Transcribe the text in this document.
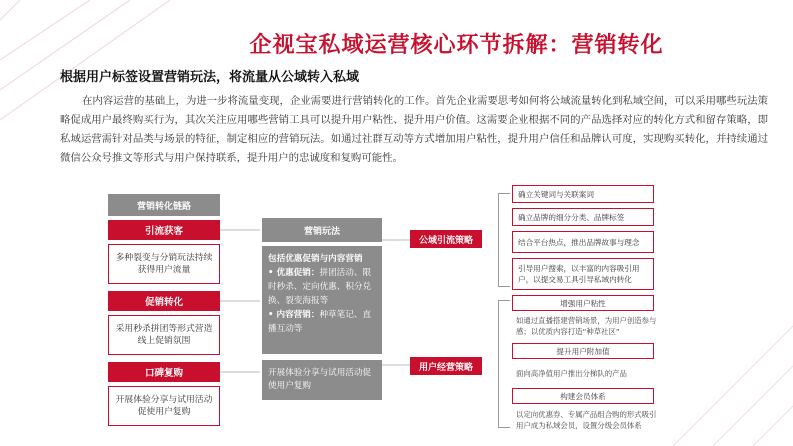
企视宝私域运营核心环节拆解：营销转化
根据用户标签设置营销玩法，将流量从公域转入私域
在内容运营的基础上，为进一步将流量变现，企业需要进行营销转化的工作。首先企业需要思考如何将公域流量转化到私域空间，可以采用哪些玩法策略促成用户最终购买行为，其次关注应用哪些营销工具可以提升用户粘性、提升用户价值。这需要企业根据不同的产品选择对应的转化方式和留存策略，即私域运营需针对品类与场景的特征，制定相应的营销玩法。如通过社群互动等方式增加用户粘性，提升用户信任和品牌认可度，实现购买转化，并持续通过微信公众号推文等形式与用户保持联系，提升用户的忠诚度和复购可能性。
营销转化链路
引流获客
多种裂变与分销玩法持续获得用户流量
促销转化
采用秒杀拼团等形式营造线上促销氛围
口碑复购
开展体验分享与试用活动促使用户复购
营销玩法
包括优惠促销与内容营销
• 优惠促销：拼团活动、限时秒杀、定向优惠、积分兑换、裂变海报等
• 内容营销：种草笔记、直播互动等
开展体验分享与试用活动促使用户复购
公域引流策略
用户经营策略
确立关键词与关联案词
确立品牌的细分分类、品牌标签
结合平台热点，推出品牌故事与理念
引导用户搜索，以丰富的内容吸引用户，以提交易工具引导私域内转化
增强用户粘性
如通过直播搭建营销场景，为用户创造参与感；以优质内容打造“种草社区”
提升用户附加值
面向高净值用户推出分梯队的产品
构建会员体系
以定向优惠券、专属产品组合购的形式吸引用户成为私域会员，设置分级会员体系
